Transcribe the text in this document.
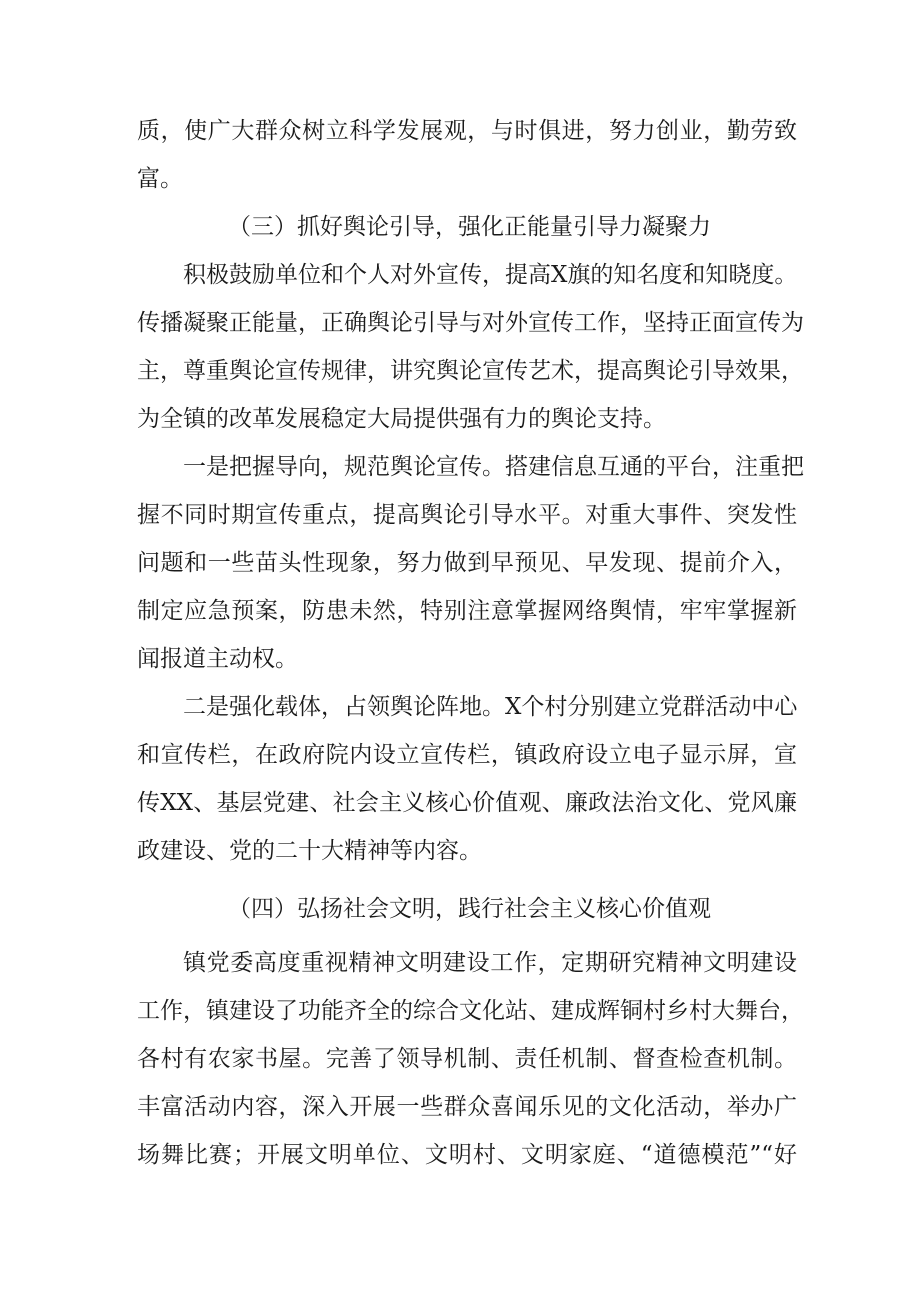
质，使广大群众树立科学发展观，与时俱进，努力创业，勤劳致
富。
（三）抓好舆论引导，强化正能量引导力凝聚力
积极鼓励单位和个人对外宣传，提高X旗的知名度和知晓度。
传播凝聚正能量，正确舆论引导与对外宣传工作，坚持正面宣传为
主，尊重舆论宣传规律，讲究舆论宣传艺术，提高舆论引导效果，
为全镇的改革发展稳定大局提供强有力的舆论支持。
一是把握导向，规范舆论宣传。搭建信息互通的平台，注重把
握不同时期宣传重点，提高舆论引导水平。对重大事件、突发性
问题和一些苗头性现象，努力做到早预见、早发现、提前介入，
制定应急预案，防患未然，特别注意掌握网络舆情，牢牢掌握新
闻报道主动权。
二是强化载体，占领舆论阵地。X个村分别建立党群活动中心
和宣传栏，在政府院内设立宣传栏，镇政府设立电子显示屏，宣
传XX、基层党建、社会主义核心价值观、廉政法治文化、党风廉
政建设、党的二十大精神等内容。
（四）弘扬社会文明，践行社会主义核心价值观
镇党委高度重视精神文明建设工作，定期研究精神文明建设
工作，镇建设了功能齐全的综合文化站、建成辉铜村乡村大舞台，
各村有农家书屋。完善了领导机制、责任机制、督查检查机制。
丰富活动内容，深入开展一些群众喜闻乐见的文化活动，举办广
场舞比赛；开展文明单位、文明村、文明家庭、“道德模范”“好
